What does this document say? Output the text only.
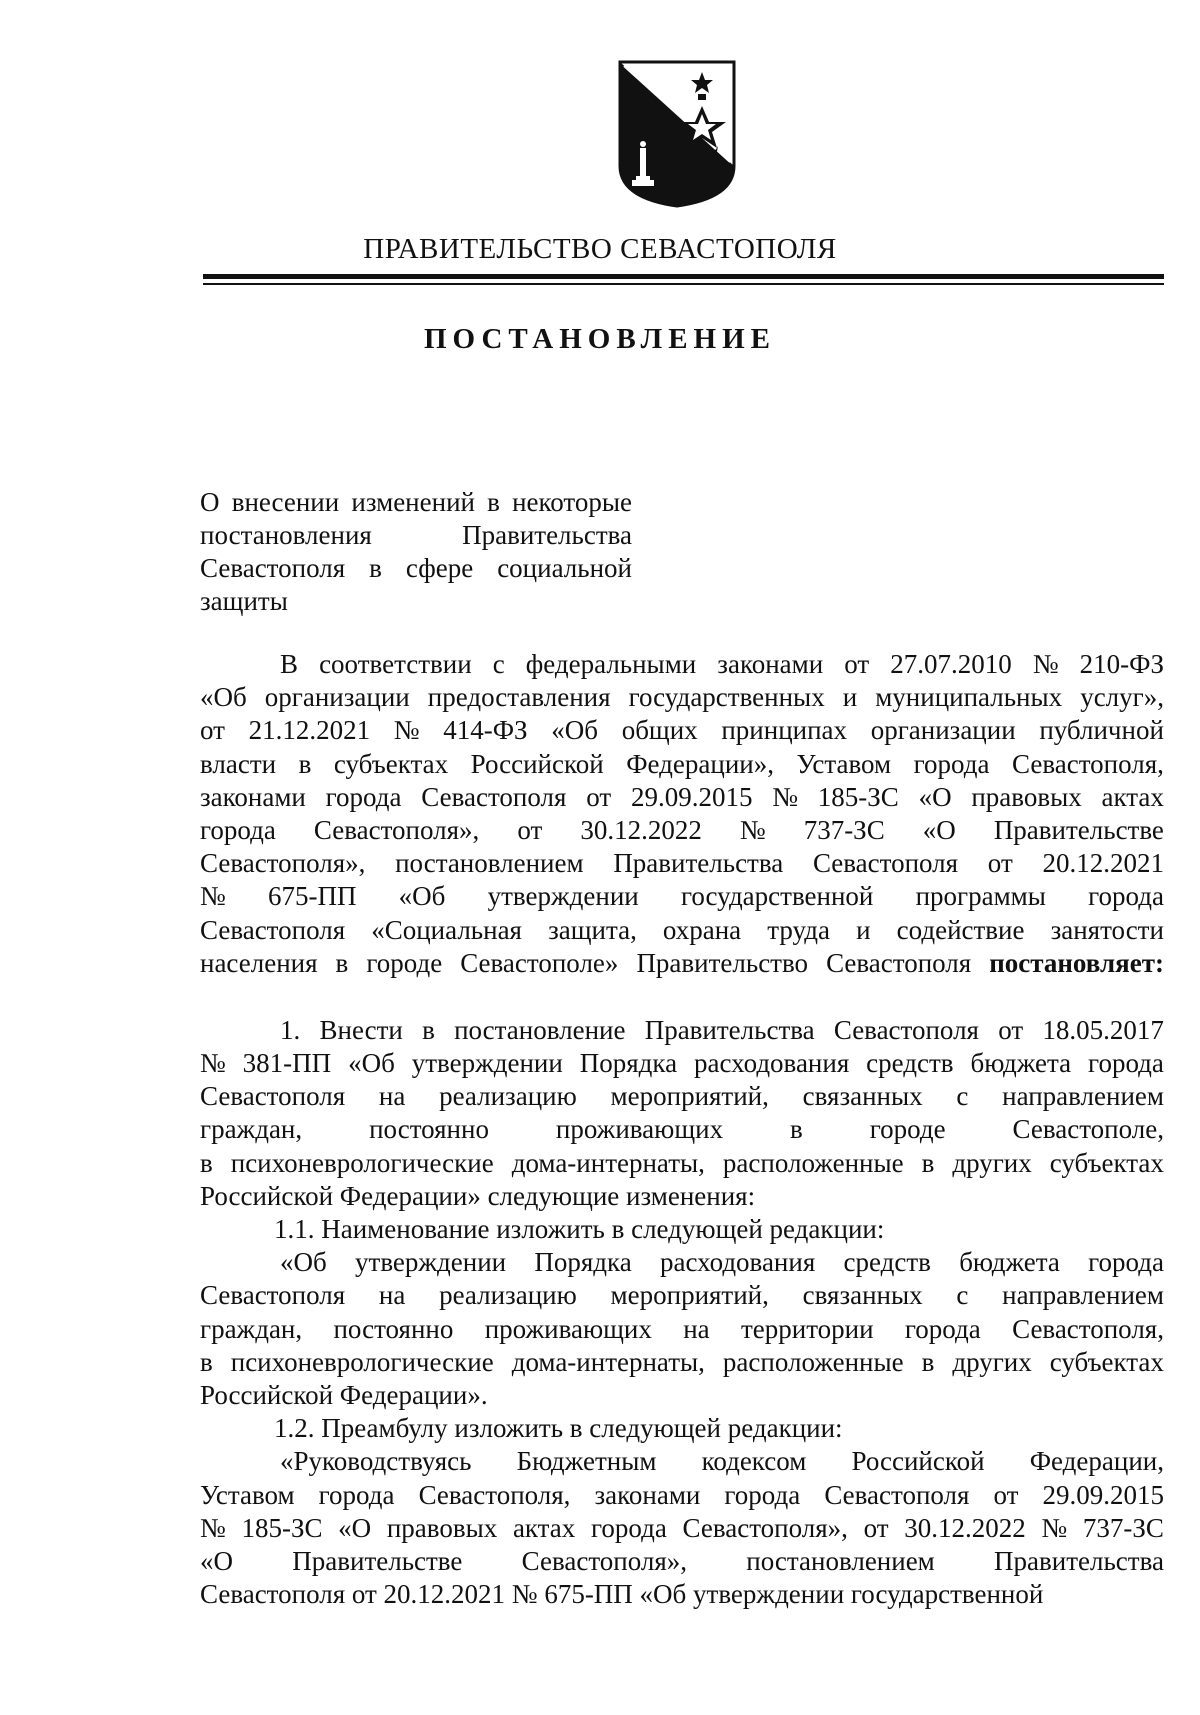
ПРАВИТЕЛЬСТВО СЕВАСТОПОЛЯ
ПОСТАНОВЛЕНИЕ
О внесении изменений в некоторые
постановления Правительства
Севастополя в сфере социальной
защиты
В соответствии с федеральными законами от 27.07.2010 № 210-ФЗ
«Об организации предоставления государственных и муниципальных услуг»,
от 21.12.2021 № 414-ФЗ «Об общих принципах организации публичной
власти в субъектах Российской Федерации», Уставом города Севастополя,
законами города Севастополя от 29.09.2015 № 185-ЗС «О правовых актах
города Севастополя», от 30.12.2022 № 737-ЗС «О Правительстве
Севастополя», постановлением Правительства Севастополя от 20.12.2021
№ 675-ПП «Об утверждении государственной программы города
Севастополя «Социальная защита, охрана труда и содействие занятости
населения в городе Севастополе» Правительство Севастополя постановляет:
1. Внести в постановление Правительства Севастополя от 18.05.2017
№ 381-ПП «Об утверждении Порядка расходования средств бюджета города
Севастополя на реализацию мероприятий, связанных с направлением
граждан, постоянно проживающих в городе Севастополе,
в психоневрологические дома-интернаты, расположенные в других субъектах
Российской Федерации» следующие изменения:
1.1. Наименование изложить в следующей редакции:
«Об утверждении Порядка расходования средств бюджета города
Севастополя на реализацию мероприятий, связанных с направлением
граждан, постоянно проживающих на территории города Севастополя,
в психоневрологические дома-интернаты, расположенные в других субъектах
Российской Федерации».
1.2. Преамбулу изложить в следующей редакции:
«Руководствуясь Бюджетным кодексом Российской Федерации,
Уставом города Севастополя, законами города Севастополя от 29.09.2015
№ 185-ЗС «О правовых актах города Севастополя», от 30.12.2022 № 737-ЗС
«О Правительстве Севастополя», постановлением Правительства
Севастополя от 20.12.2021 № 675-ПП «Об утверждении государственной
